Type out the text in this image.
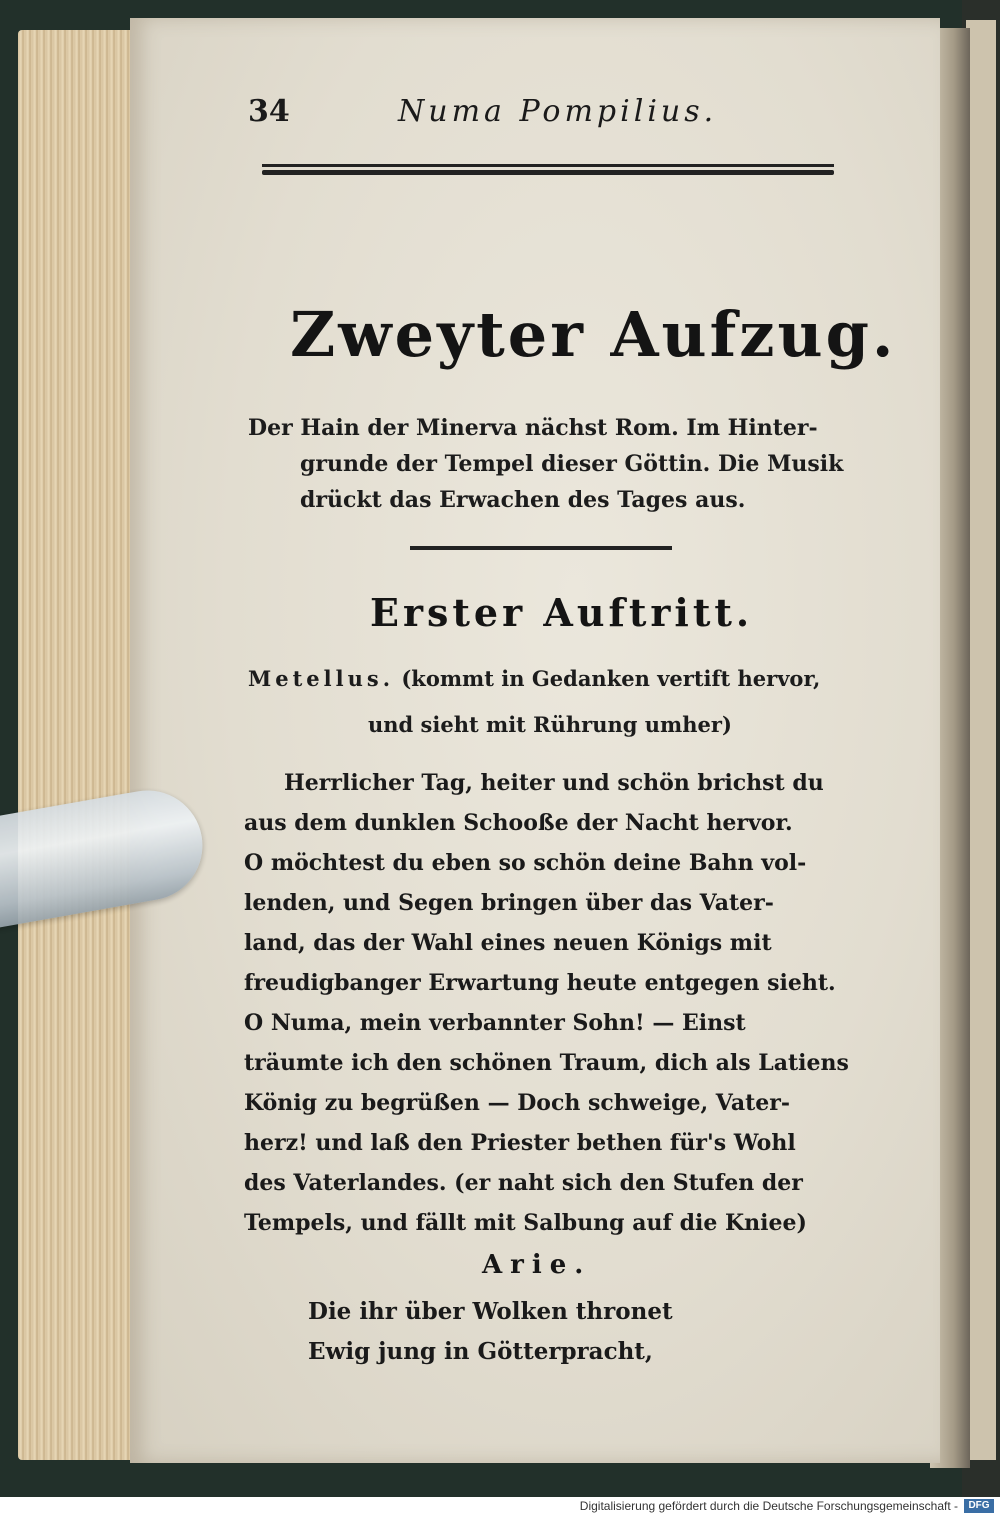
34	Numa Pompilius.
Zweyter Aufzug.
Der Hain der Minerva nächst Rom. Im Hinter-
grunde der Tempel dieser Göttin. Die Musik
drückt das Erwachen des Tages aus.
Erster Auftritt.
Metellus. (kommt in Gedanken vertift hervor,
und sieht mit Rührung umher)
Herrlicher Tag, heiter und schön brichst du
aus dem dunklen Schooße der Nacht hervor.
O möchtest du eben so schön deine Bahn vol-
lenden, und Segen bringen über das Vater-
land, das der Wahl eines neuen Königs mit
freudigbanger Erwartung heute entgegen sieht.
O Numa, mein verbannter Sohn! — Einst
träumte ich den schönen Traum, dich als Latiens
König zu begrüßen — Doch schweige, Vater-
herz! und laß den Priester bethen für's Wohl
des Vaterlandes. (er naht sich den Stufen der
Tempels, und fällt mit Salbung auf die Kniee)
Arie.
Die ihr über Wolken thronet
Ewig jung in Götterpracht,
Digitalisierung gefördert durch die Deutsche Forschungsgemeinschaft -	DFG
